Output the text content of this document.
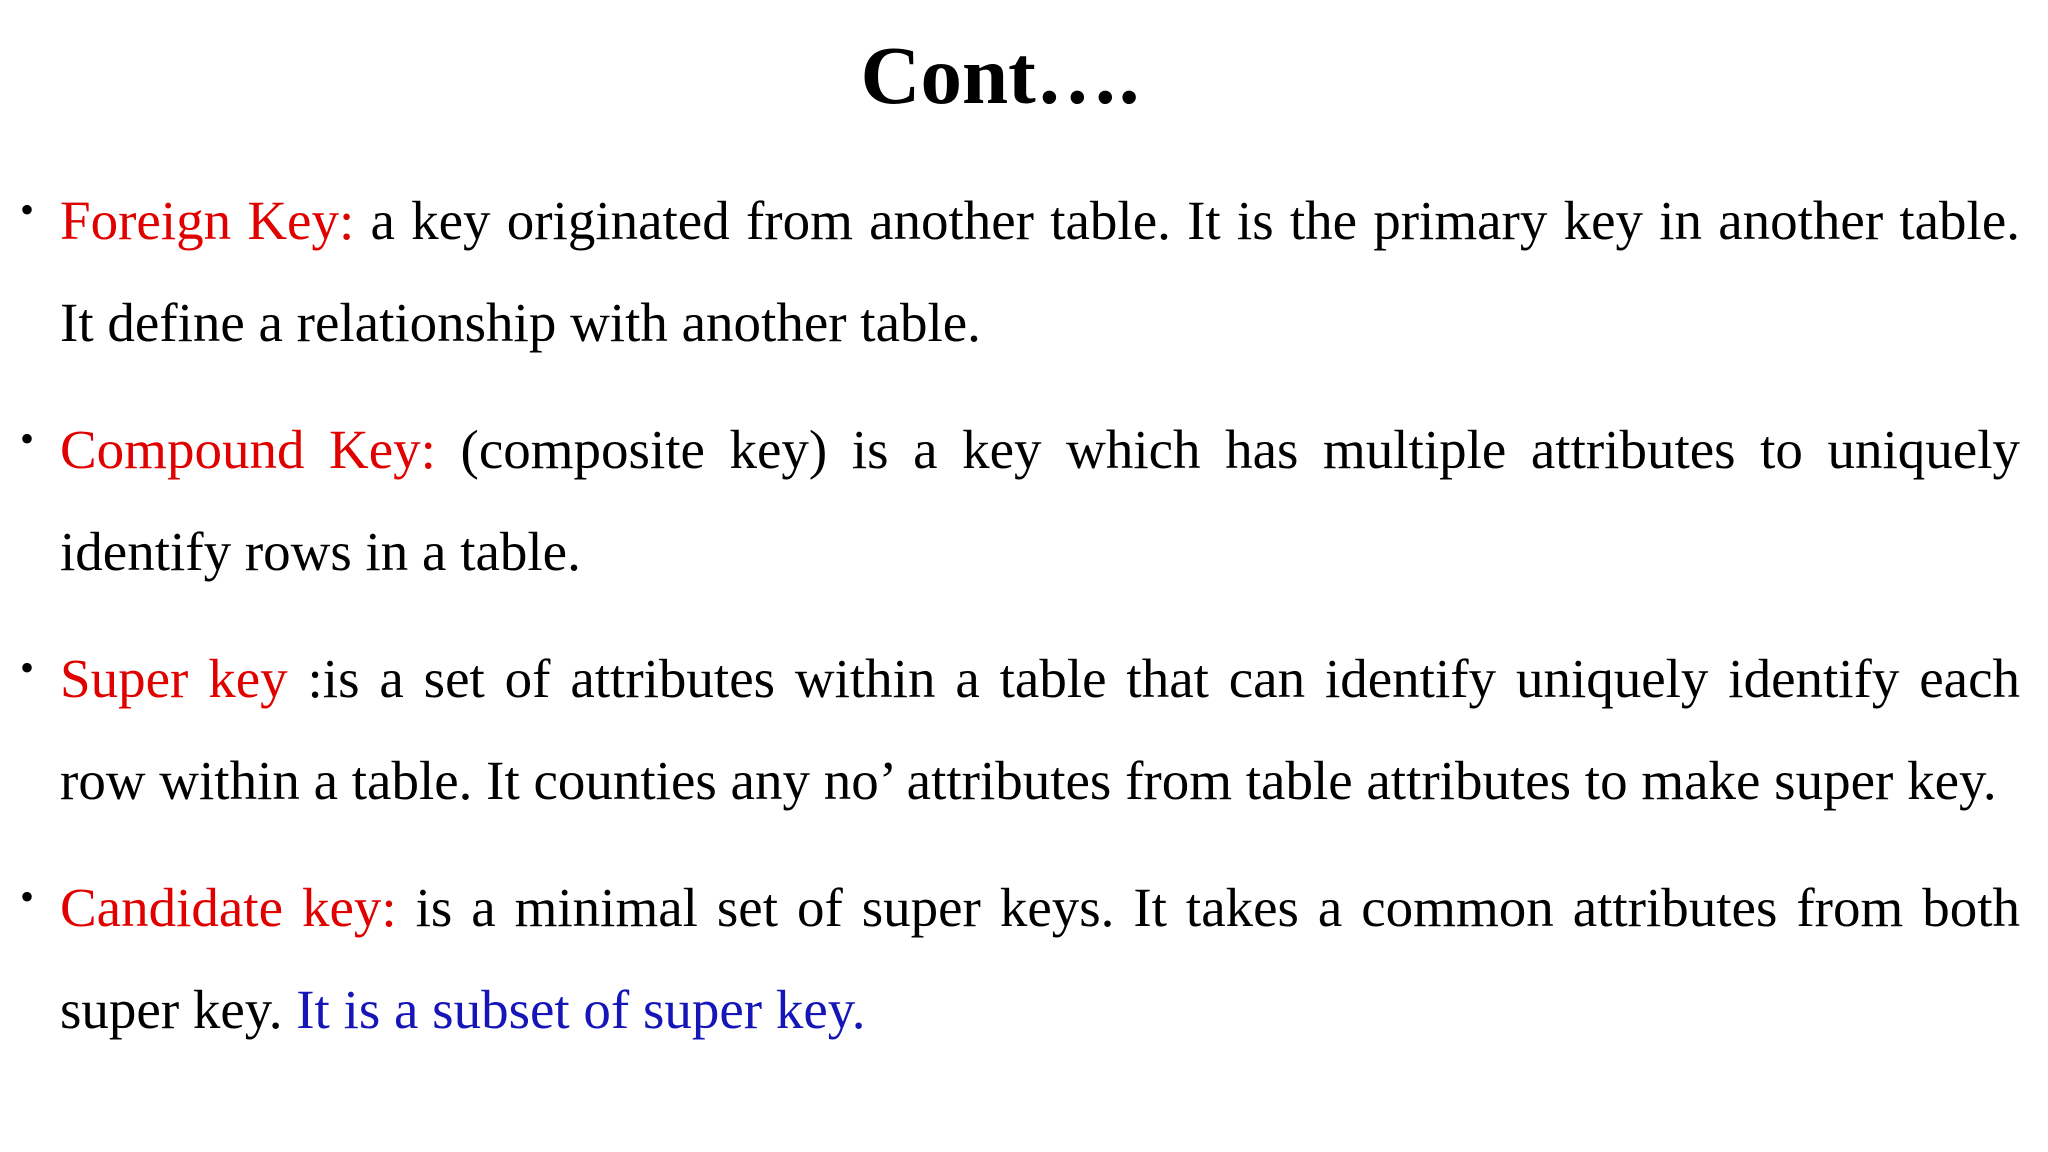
Cont….
• Foreign Key: a key originated from another table. It is the primary key in another table. It define a relationship with another table.
• Compound Key: (composite key) is a key which has multiple attributes to uniquely identify rows in a table.
• Super key :is a set of attributes within a table that can identify uniquely identify each row within a table. It counties any no’ attributes from table attributes to make super key.
• Candidate key: is a minimal set of super keys. It takes a common attributes from both super key. It is a subset of super key.
